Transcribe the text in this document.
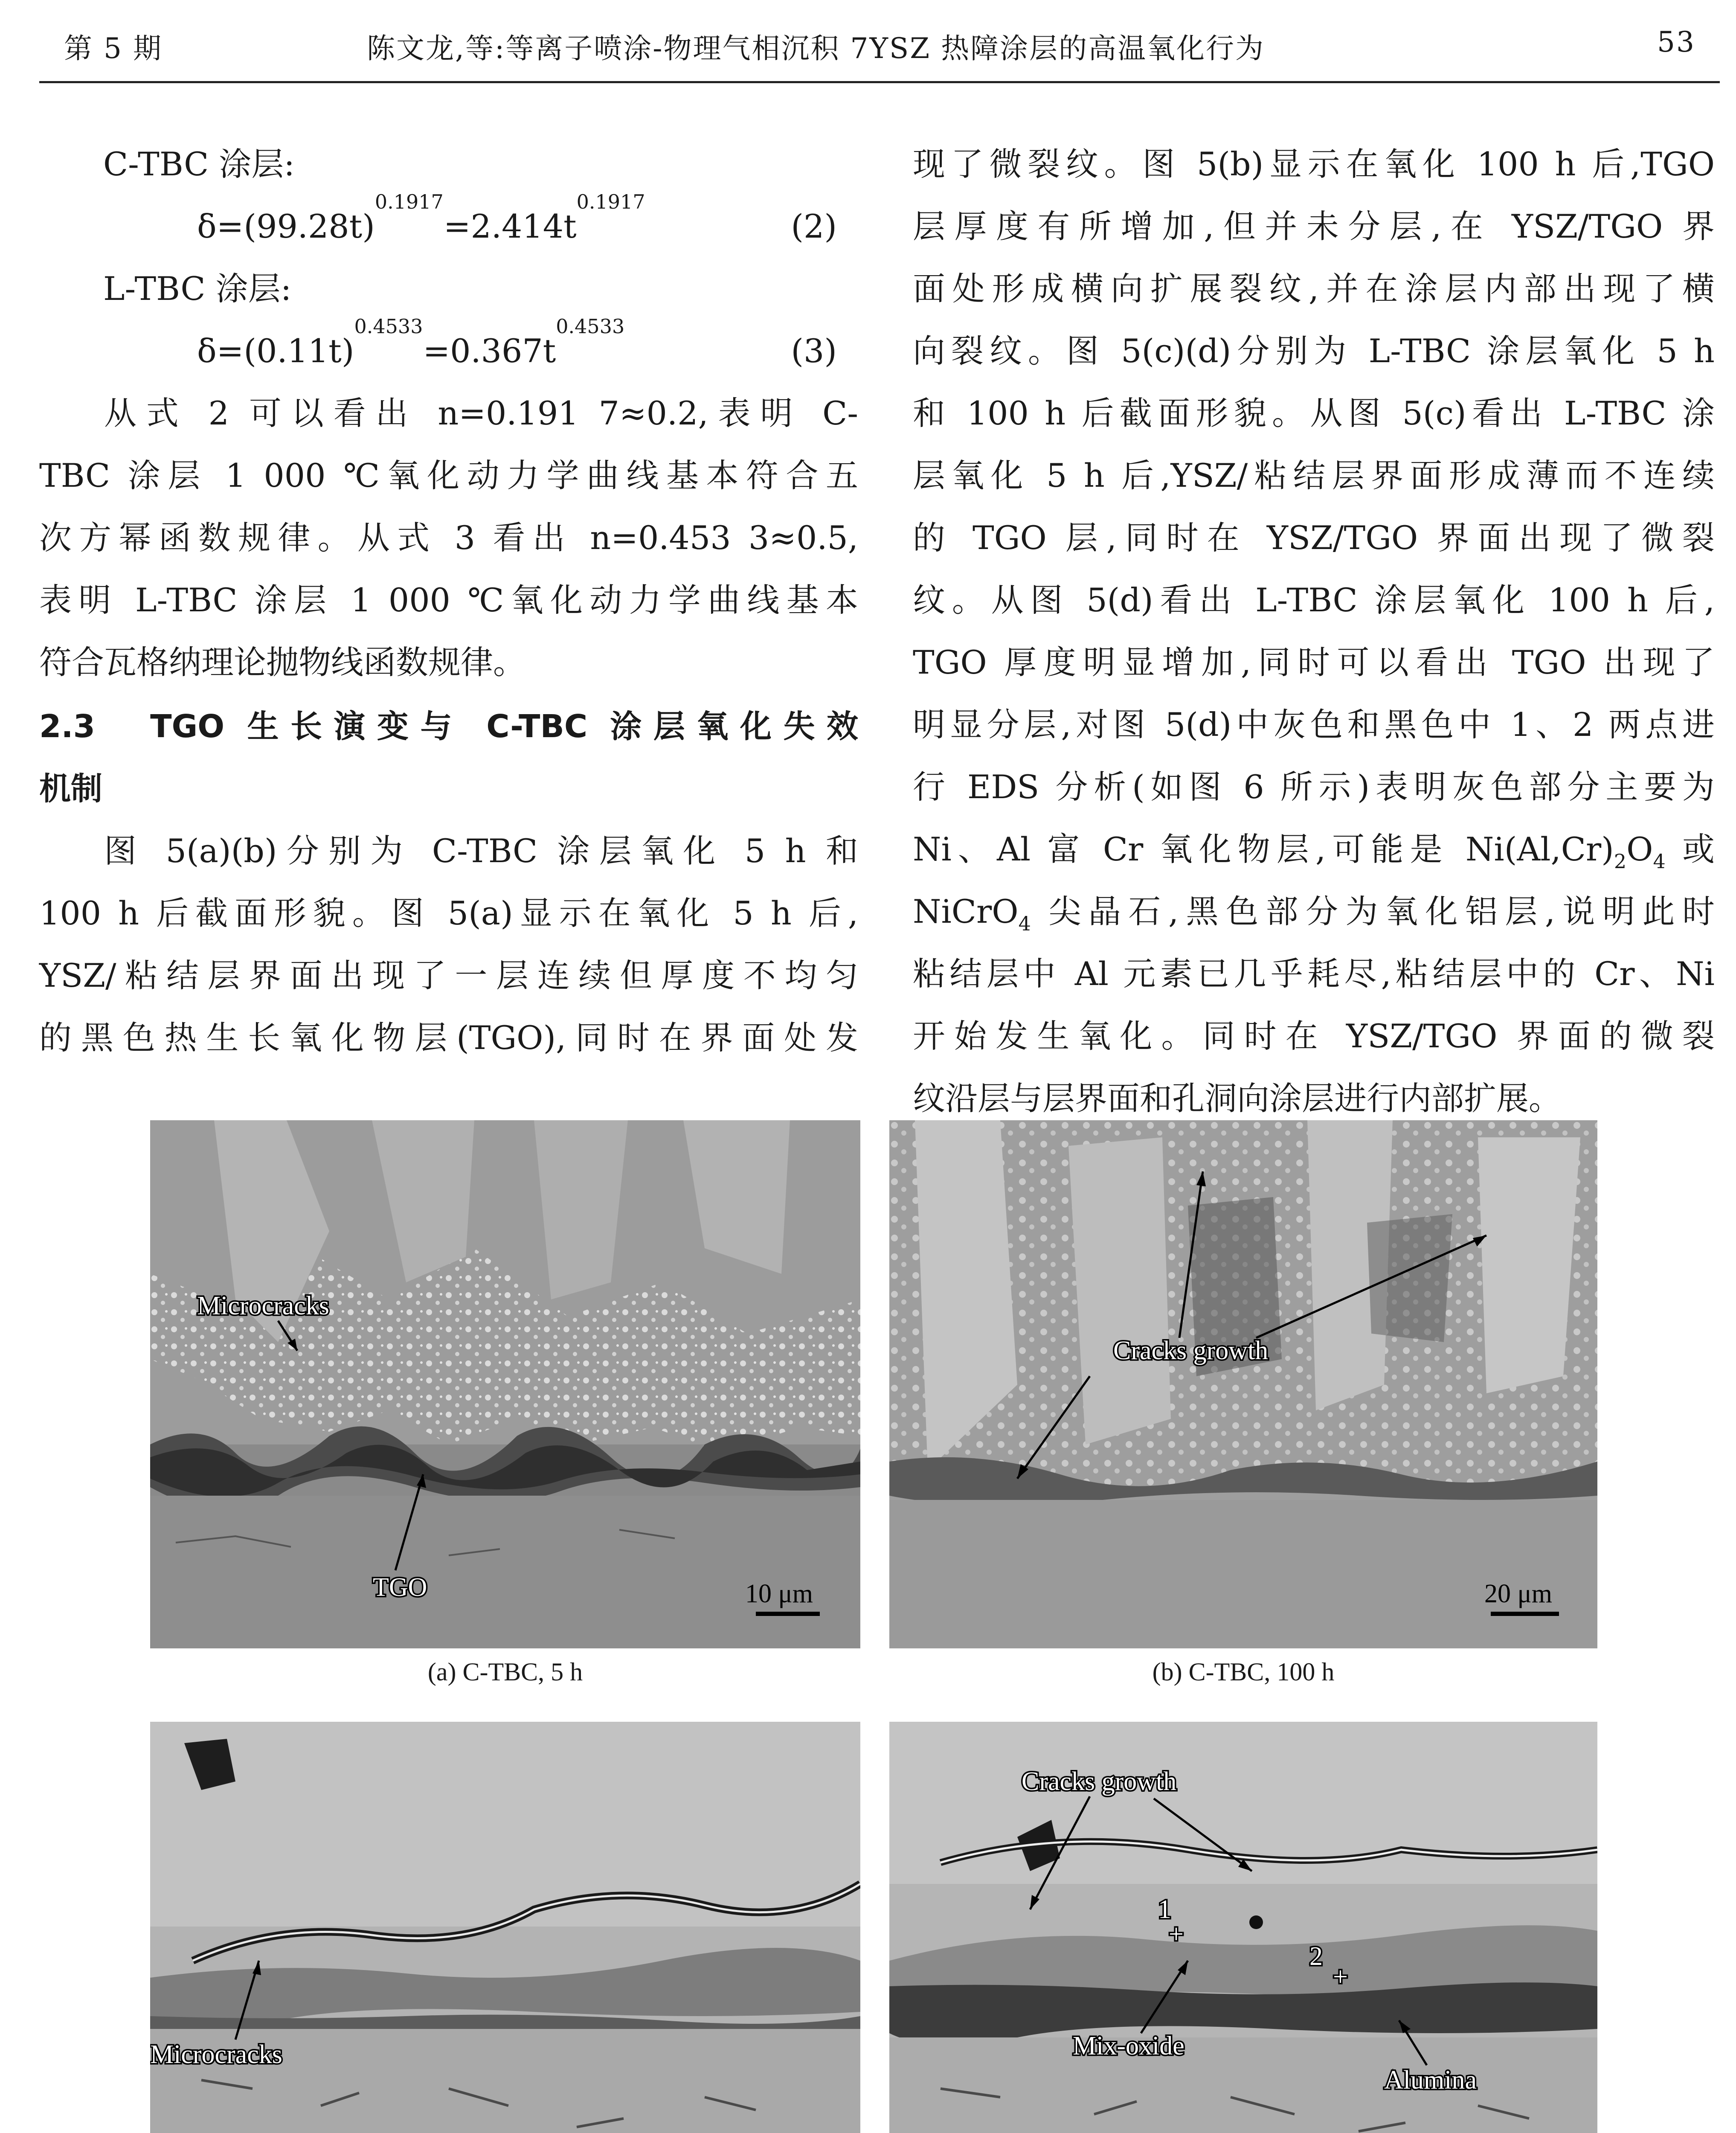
第 5 期	陈文龙,等:等离子喷涂-物理气相沉积 7YSZ 热障涂层的高温氧化行为	53

C-TBC 涂层:

$\delta=(99.28t)^{0.1917}=2.414t^{0.1917}$
(2)

L-TBC 涂层:

$\delta=(0.11t)^{0.4533}=0.367t^{0.4533}$
(3)

从式 2 可以看出 n=0.191 7≈0.2,表明 C-

TBC 涂层 1 000 ℃氧化动力学曲线基本符合五

次方幂函数规律。从式 3 看出 n=0.453 3≈0.5,

表明 L-TBC 涂层 1 000 ℃氧化动力学曲线基本

符合瓦格纳理论抛物线函数规律。

2.3　TGO 生长演变与 C-TBC 涂层氧化失效

机制

图 5(a)(b)分别为 C-TBC 涂层氧化 5 h 和

100 h 后截面形貌。图 5(a)显示在氧化 5 h 后,

YSZ/粘结层界面出现了一层连续但厚度不均匀

的黑色热生长氧化物层(TGO),同时在界面处发

现了微裂纹。图 5(b)显示在氧化 100 h 后,TGO

层厚度有所增加,但并未分层,在 YSZ/TGO 界

面处形成横向扩展裂纹,并在涂层内部出现了横

向裂纹。图 5(c)(d)分别为 L-TBC 涂层氧化 5 h

和 100 h 后截面形貌。从图 5(c)看出 L-TBC 涂

层氧化 5 h 后,YSZ/粘结层界面形成薄而不连续

的 TGO 层,同时在 YSZ/TGO 界面出现了微裂

纹。从图 5(d)看出 L-TBC 涂层氧化 100 h 后,

TGO 厚度明显增加,同时可以看出 TGO 出现了

明显分层,对图 5(d)中灰色和黑色中 1、2 两点进

行 EDS 分析(如图 6 所示)表明灰色部分主要为

Ni、Al 富 Cr 氧化物层,可能是 $Ni(Al,Cr)_2O_4$ 或

NiCrO$_4$ 尖晶石,黑色部分为氧化铝层,说明此时

粘结层中 Al 元素已几乎耗尽,粘结层中的 Cr、Ni

开始发生氧化。同时在 YSZ/TGO 界面的微裂

纹沿层与层界面和孔洞向涂层进行内部扩展。

Microcracks
TGO	10 μm
Cracks growth
20 μm
(a) C-TBC, 5 h	(b) C-TBC, 100 h
Microcracks
Cracks growth
1
+
2
+
Mix-oxide
Alumina
